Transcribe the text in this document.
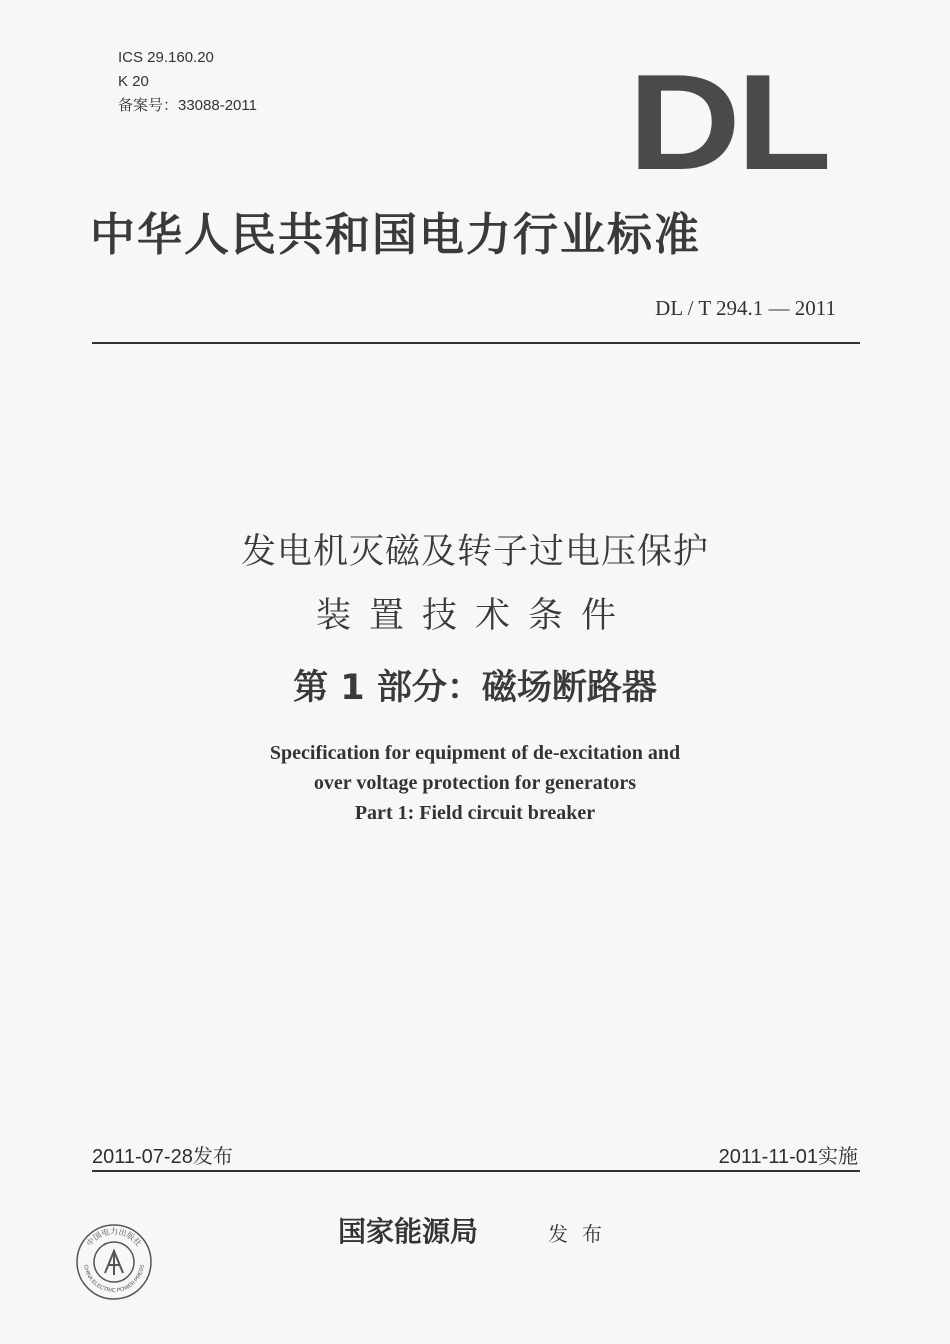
ICS 29.160.20
K 20
备案号：33088-2011	DL
中华人民共和国电力行业标准
DL / T 294.1 — 2011
发电机灭磁及转子过电压保护
装置技术条件
第 1 部分：磁场断路器
Specification for equipment of de-excitation and
over voltage protection for generators
Part 1: Field circuit breaker
2011-07-28发布	2011-11-01实施
中国电力出版社
CHINA ELECTRIC POWER PRESS
国家能源局	发布
